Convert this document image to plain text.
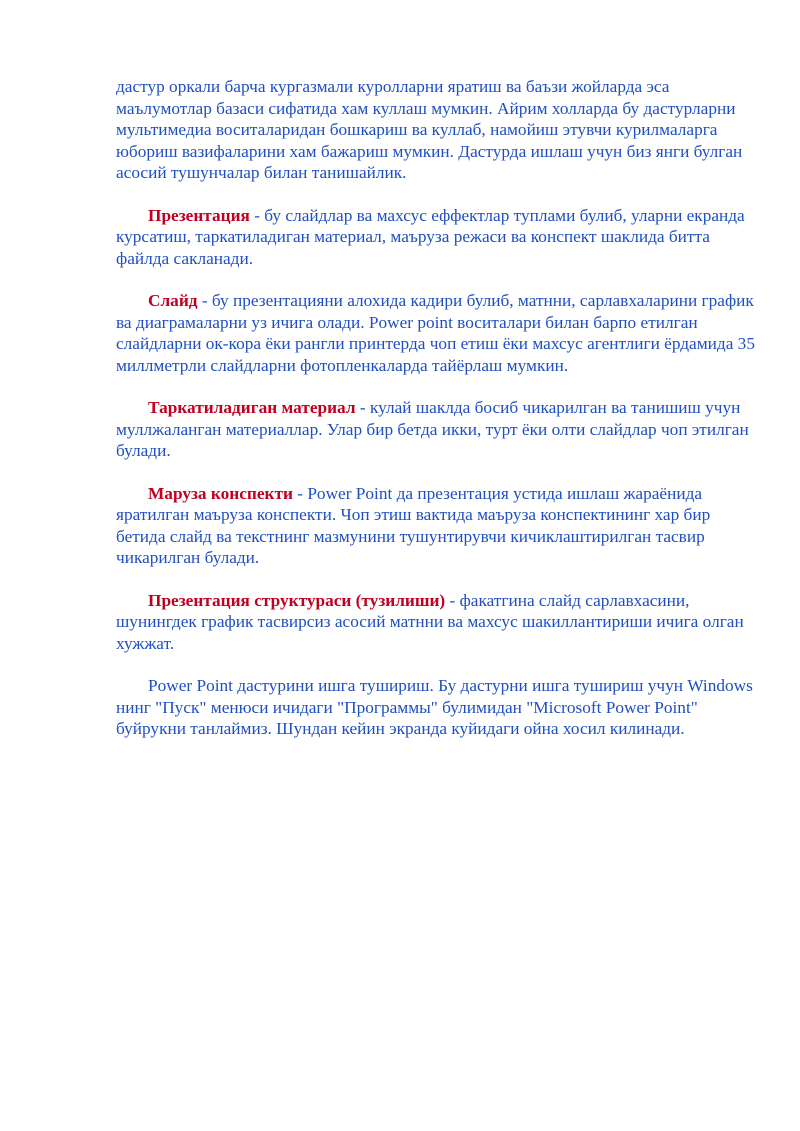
дастур оркали барча кургазмали куролларни яратиш ва баъзи жойларда эса маълумотлар базаси сифатида хам куллаш мумкин. Айрим холларда бу дастурларни мультимедиа воситаларидан бошкариш ва куллаб, намойиш этувчи курилмаларга юбориш вазифаларини хам бажариш мумкин. Дастурда ишлаш учун биз янги булган асосий тушунчалар билан танишайлик.

Презентация - бу слайдлар ва махсус еффектлар туплами булиб, уларни екранда курсатиш, таркатиладиган материал, маъруза режаси ва конспект шаклида битта файлда сакланади.

Слайд - бу презентацияни алохида кадири булиб, матнни, сарлавхаларини график ва диаграмаларни уз ичига олади. Power point воситалари билан барпо етилган слайдларни ок-кора ёки рангли принтерда чоп етиш ёки махсус агентлиги ёрдамида 35 миллметрли слайдларни фотопленкаларда тайёрлаш мумкин.

Таркатиладиган материал - кулай шаклда босиб чикарилган ва танишиш учун муллжаланган материаллар. Улар бир бетда икки, турт ёки олти слайдлар чоп этилган булади.

Маруза конспекти - Power Point да презентация устида ишлаш жараёнида яратилган маъруза конспекти. Чоп этиш вактида маъруза конспектининг хар бир бетида слайд ва текстнинг мазмунини тушунтирувчи кичиклаштирилган тасвир чикарилган булади.

Презентация структураси (тузилиши) - факатгина слайд сарлавхасини, шунингдек график тасвирсиз асосий матнни ва махсус шакиллантириши ичига олган хужжат.

Power Point дастурини ишга тушириш. Бу дастурни ишга тушириш учун Windows нинг "Пуск" менюси ичидаги "Программы" булимидан "Microsoft Power Point" буйрукни танлаймиз. Шундан кейин экранда куйидаги ойна хосил килинади.
